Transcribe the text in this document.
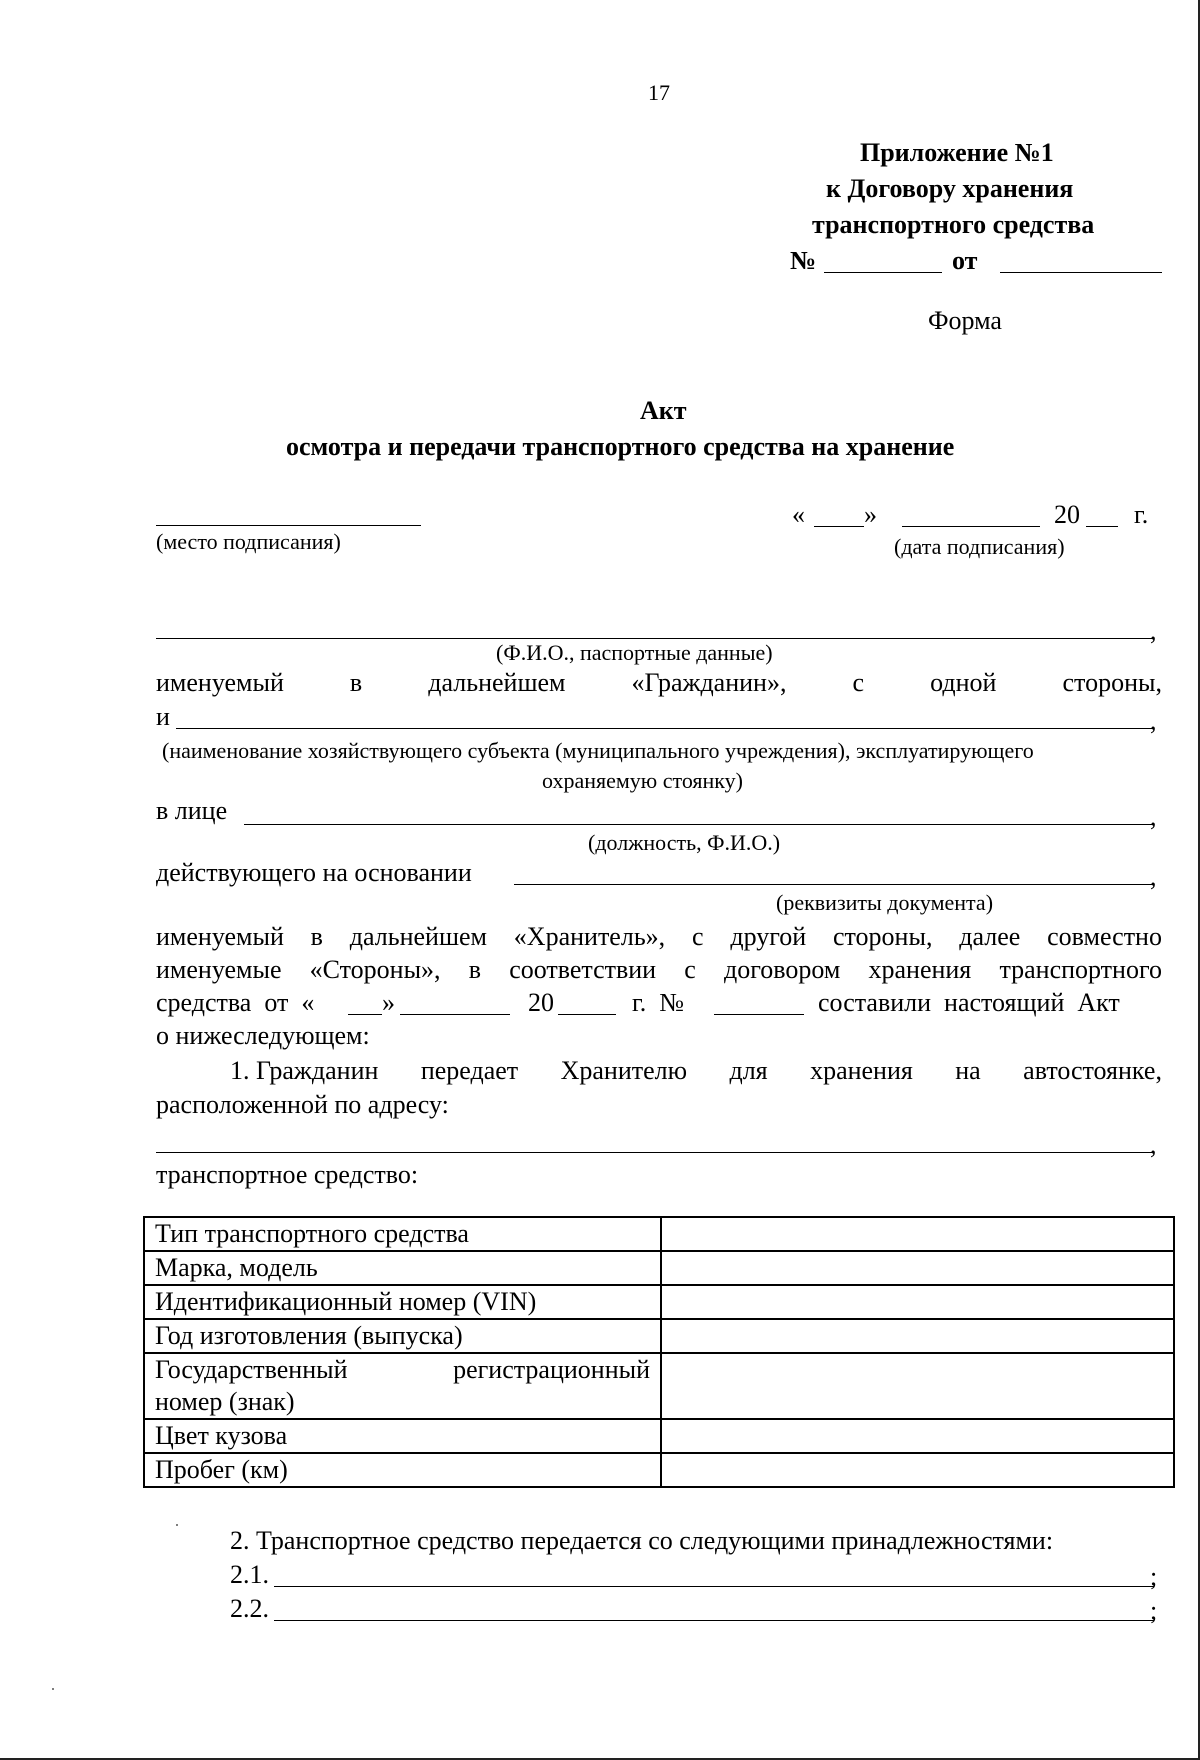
17
Приложение №1
к Договору хранения
транспортного средства
№	от
Форма
Акт
осмотра и передачи транспортного средства на хранение
(место подписания)
« »	20 г.
(дата подписания)
,
(Ф.И.О., паспортные данные)
именуемый	в	дальнейшем	«Гражданин»,	с	одной	стороны,
и	,
(наименование хозяйствующего субъекта (муниципального учреждения), эксплуатирующего
охраняемую стоянку)
в лице	,
(должность, Ф.И.О.)
действующего на основании	,
(реквизиты документа)
именуемый в дальнейшем «Хранитель», с другой стороны, далее совместно
именуемые «Стороны», в соответствии с договором хранения транспортного
средства  от  «	»	20	г.  №	составили  настоящий  Акт
о нижеследующем:
1. Гражданин передает Хранителю для хранения на автостоянке,
расположенной по адресу:
,
транспортное средство:
Тип транспортного средства	
Марка, модель	
Идентификационный номер (VIN)	
Год изготовления (выпуска)	

Государственный регистрационный
номер (знак)	

Цвет кузова	
Пробег (км)	
2. Транспортное средство передается со следующими принадлежностями:
2.1.	;
2.2.	;
